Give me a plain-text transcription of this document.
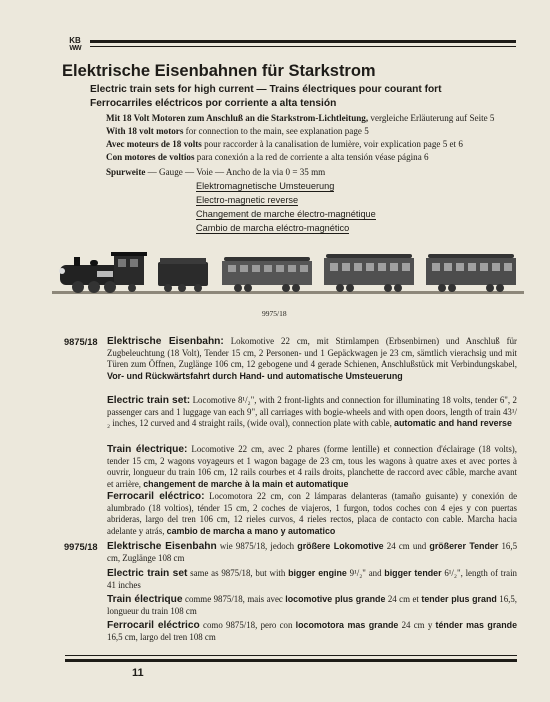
KB
WW
Elektrische Eisenbahnen für Starkstrom
Electric train sets for high current — Trains électriques pour courant fort
Ferrocarriles eléctricos por corriente a alta tensión
Mit 18 Volt Motoren zum Anschluß an die Starkstrom-Lichtleitung, vergleiche Erläuterung auf Seite 5
With 18 volt motors for connection to the main, see explanation page 5
Avec moteurs de 18 volts pour raccorder à la canalisation de lumière, voir explication page 5 et 6
Con motores de voltios para conexión a la red de corriente a alta tensión véase página 6
Spurweite — Gauge — Voie — Ancho de la via 0 = 35 mm
Elektromagnetische Umsteuerung
Electro-magnetic reverse
Changement de marche électro-magnétique
Cambio de marcha eléctro-magnético
9975/18
9875/18 Elektrische Eisenbahn: Lokomotive 22 cm, mit Stirnlampen (Erbsenbirnen) und Anschluß für Zugbeleuchtung (18 Volt), Tender 15 cm, 2 Personen- und 1 Gepäckwagen je 23 cm, sämtlich vierachsig und mit Türen zum Öffnen, Zuglänge 106 cm, 12 gebogene und 4 gerade Schienen, Anschlußstück mit Verbindungskabel, Vor- und Rückwärtsfahrt durch Hand- und automatische Umsteuerung
Electric train set: Locomotive 8¹/₂", with 2 front-lights and connection for illuminating 18 volts, tender 6", 2 passenger cars and 1 luggage van each 9", all carriages with bogie-wheels and with open doors, length of train 43¹/₂ inches, 12 curved and 4 straight rails, (wide oval), connection plate with cable, automatic and hand reverse
Train électrique: Locomotive 22 cm, avec 2 phares (forme lentille) et connection d'éclairage (18 volts), tender 15 cm, 2 wagons voyageurs et 1 wagon bagage de 23 cm, tous les wagons à quatre axes et avec portes à ouvrir, longueur du train 106 cm, 12 rails courbes et 4 rails droits, planchette de raccord avec câble, marche avant et arrière, changement de marche à la main et automatique
Ferrocaril eléctrico: Locomotora 22 cm, con 2 lámparas delanteras (tamaño guisante) y conexión de alumbrado (18 voltios), ténder 15 cm, 2 coches de viajeros, 1 furgon, todos coches con 4 ejes y con puertas abrideras, largo del tren 106 cm, 12 rieles curvos, 4 rieles rectos, placa de contacto con cable. Marcha hacia adelante y atrás, cambio de marcha a mano y automatico
9975/18 Elektrische Eisenbahn wie 9875/18, jedoch größere Lokomotive 24 cm und größerer Tender 16,5 cm, Zuglänge 108 cm
Electric train set same as 9875/18, but with bigger engine 9¹/₂" and bigger tender 6¹/₂", length of train 41 inches
Train électrique comme 9875/18, mais avec locomotive plus grande 24 cm et tender plus grand 16,5, longueur du train 108 cm
Ferrocaril eléctrico como 9875/18, pero con locomotora mas grande 24 cm y ténder mas grande 16,5 cm, largo del tren 108 cm
11
